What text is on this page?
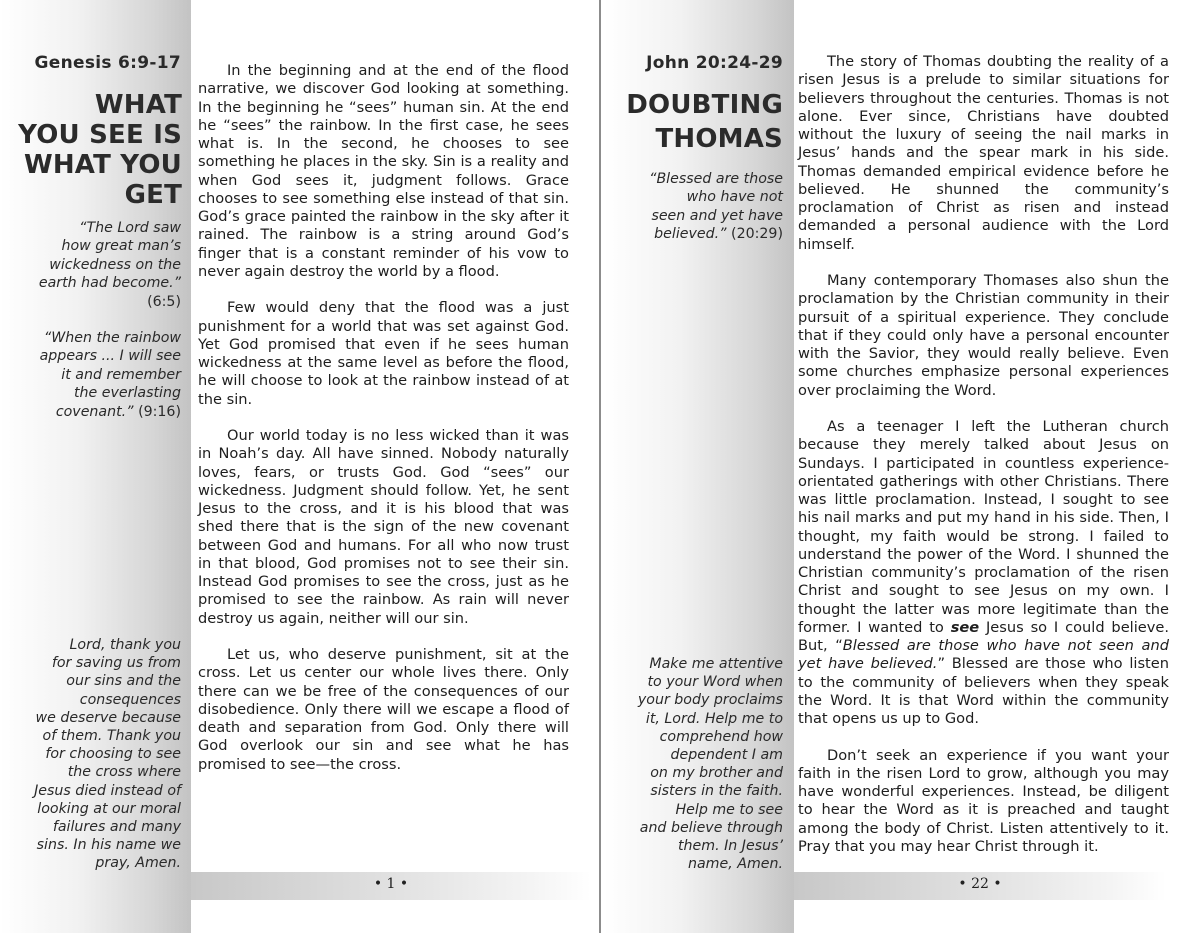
Genesis 6:9-17
WHAT
YOU SEE IS
WHAT YOU
GET
“The Lord saw
how great man’s
wickedness on the
earth had become.”
(6:5)
“When the rainbow
appears ... I will see
it and remember
the everlasting
covenant.” (9:16)
Lord, thank you
for saving us from
our sins and the
consequences
we deserve because
of them. Thank you
for choosing to see
the cross where
Jesus died instead of
looking at our moral
failures and many
sins. In his name we
pray, Amen.

In the beginning and at the end of the flood narrative, we discover God looking at something. In the beginning he “sees” human sin. At the end he “sees” the rainbow. In the first case, he sees what is. In the second, he chooses to see something he places in the sky. Sin is a reality and when God sees it, judgment follows. Grace chooses to see something else instead of that sin. God’s grace painted the rainbow in the sky after it rained. The rainbow is a string around God’s finger that is a constant reminder of his vow to never again destroy the world by a flood.

Few would deny that the flood was a just punishment for a world that was set against God. Yet God promised that even if he sees human wickedness at the same level as before the flood, he will choose to look at the rainbow instead of at the sin.

Our world today is no less wicked than it was in Noah’s day. All have sinned. Nobody naturally loves, fears, or trusts God. God “sees” our wickedness. Judgment should follow. Yet, he sent Jesus to the cross, and it is his blood that was shed there that is the sign of the new covenant between God and humans. For all who now trust in that blood, God promises not to see their sin. Instead God promises to see the cross, just as he promised to see the rainbow. As rain will never destroy us again, neither will our sin.

Let us, who deserve punishment, sit at the cross. Let us center our whole lives there. Only there can we be free of the consequences of our disobedience. Only there will we escape a flood of death and separation from God. Only there will God overlook our sin and see what he has promised to see—the cross.

• 1 •
John 20:24-29
DOUBTING
THOMAS
“Blessed are those
who have not
seen and yet have
believed.” (20:29)
Make me attentive
to your Word when
your body proclaims
it, Lord. Help me to
comprehend how
dependent I am
on my brother and
sisters in the faith.
Help me to see
and believe through
them. In Jesus’
name, Amen.

The story of Thomas doubting the reality of a risen Jesus is a prelude to similar situations for believers throughout the centuries. Thomas is not alone. Ever since, Christians have doubted without the luxury of seeing the nail marks in Jesus’ hands and the spear mark in his side. Thomas demanded empirical evidence before he believed. He shunned the community’s proclamation of Christ as risen and instead demanded a personal audience with the Lord himself.

Many contemporary Thomases also shun the proclamation by the Christian community in their pursuit of a spiritual experience. They conclude that if they could only have a personal encounter with the Savior, they would really believe. Even some churches emphasize personal experiences over proclaiming the Word.

As a teenager I left the Lutheran church because they merely talked about Jesus on Sundays. I participated in countless experience-orientated gatherings with other Christians. There was little proclamation. Instead, I sought to see his nail marks and put my hand in his side. Then, I thought, my faith would be strong. I failed to understand the power of the Word. I shunned the Christian community’s proclamation of the risen Christ and sought to see Jesus on my own. I thought the latter was more legitimate than the former. I wanted to see Jesus so I could believe. But, “Blessed are those who have not seen and yet have believed.” Blessed are those who listen to the community of believers when they speak the Word. It is that Word within the community that opens us up to God.

Don’t seek an experience if you want your faith in the risen Lord to grow, although you may have wonderful experiences. Instead, be diligent to hear the Word as it is preached and taught among the body of Christ. Listen attentively to it. Pray that you may hear Christ through it.

• 22 •
